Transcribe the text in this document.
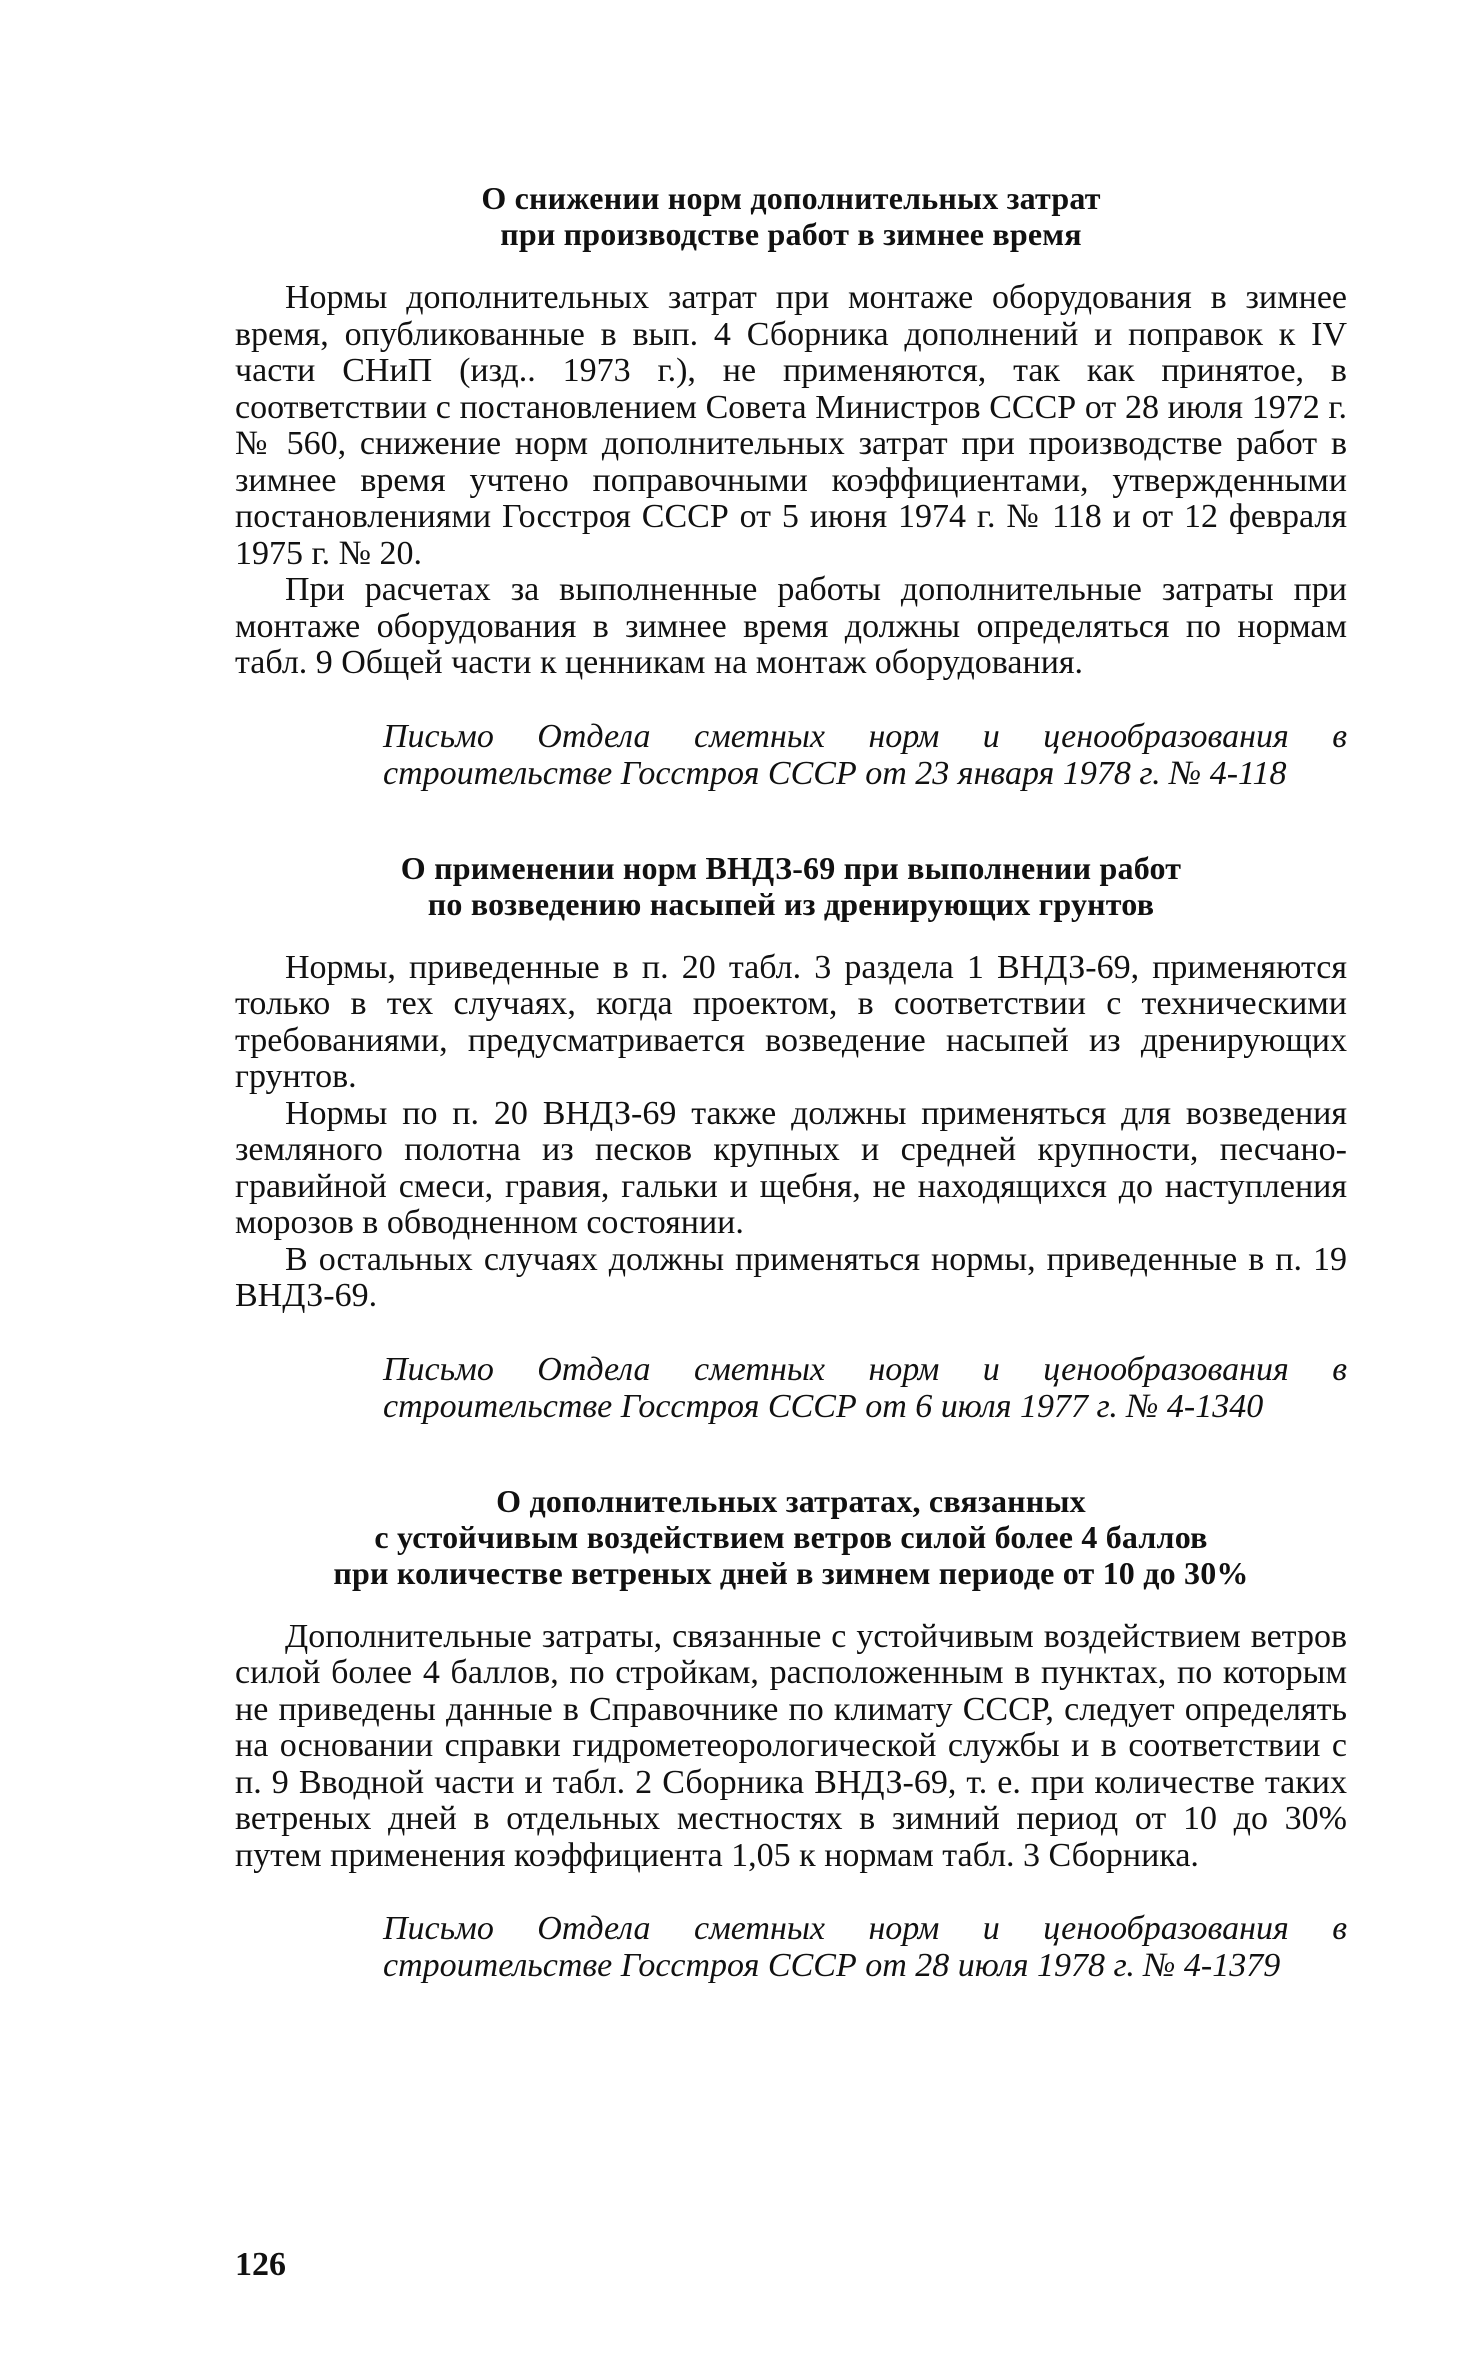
О снижении норм дополнительных затрат
при производстве работ в зимнее время

Нормы дополнительных затрат при монтаже оборудования в зимнее время, опубликованные в вып. 4 Сборника дополнений и поправок к IV части СНиП (изд.. 1973 г.), не применяются, так как принятое, в соответствии с постановлением Совета Министров СССР от 28 июля 1972 г. № 560, снижение норм дополнительных затрат при производстве работ в зимнее время учтено поправочными коэффициентами, утвержденными постановлениями Госстроя СССР от 5 июня 1974 г. № 118 и от 12 февраля 1975 г. № 20.

При расчетах за выполненные работы дополнительные затраты при монтаже оборудования в зимнее время должны определяться по нормам табл. 9 Общей части к ценникам на монтаж оборудования.

Письмо Отдела сметных норм и ценообразования в строительстве Госстроя СССР от 23 января 1978 г. № 4-118

О применении норм ВНДЗ-69 при выполнении работ
по возведению насыпей из дренирующих грунтов

Нормы, приведенные в п. 20 табл. 3 раздела 1 ВНДЗ-69, применяются только в тех случаях, когда проектом, в соответствии с техническими требованиями, предусматривается возведение насыпей из дренирующих грунтов.

Нормы по п. 20 ВНДЗ-69 также должны применяться для возведения земляного полотна из песков крупных и средней крупности, песчано-гравийной смеси, гравия, гальки и щебня, не находящихся до наступления морозов в обводненном состоянии.

В остальных случаях должны применяться нормы, приведенные в п. 19 ВНДЗ-69.

Письмо Отдела сметных норм и ценообразования в строительстве Госстроя СССР от 6 июля 1977 г. № 4-1340

О дополнительных затратах, связанных
с устойчивым воздействием ветров силой более 4 баллов
при количестве ветреных дней в зимнем периоде от 10 до 30%

Дополнительные затраты, связанные с устойчивым воздействием ветров силой более 4 баллов, по стройкам, расположенным в пунктах, по которым не приведены данные в Справочнике по климату СССР, следует определять на основании справки гидрометеорологической службы и в соответствии с п. 9 Вводной части и табл. 2 Сборника ВНДЗ-69, т. е. при количестве таких ветреных дней в отдельных местностях в зимний период от 10 до 30% путем применения коэффициента 1,05 к нормам табл. 3 Сборника.

Письмо Отдела сметных норм и ценообразования в строительстве Госстроя СССР от 28 июля 1978 г. № 4-1379

126
